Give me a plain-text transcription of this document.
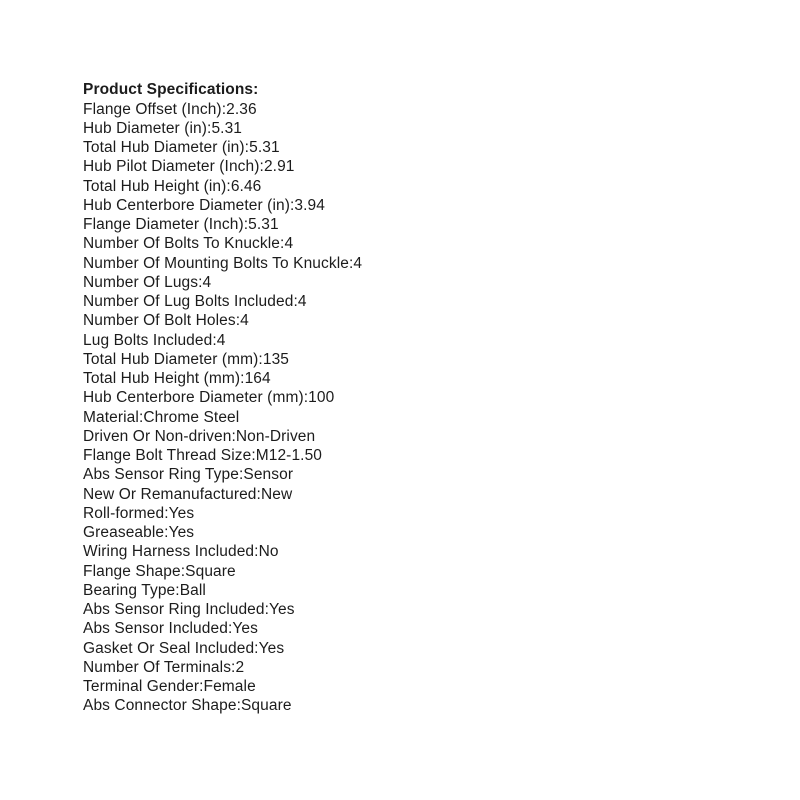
Product Specifications:
Flange Offset (Inch):2.36
Hub Diameter (in):5.31
Total Hub Diameter (in):5.31
Hub Pilot Diameter (Inch):2.91
Total Hub Height (in):6.46
Hub Centerbore Diameter (in):3.94
Flange Diameter (Inch):5.31
Number Of Bolts To Knuckle:4
Number Of Mounting Bolts To Knuckle:4
Number Of Lugs:4
Number Of Lug Bolts Included:4
Number Of Bolt Holes:4
Lug Bolts Included:4
Total Hub Diameter (mm):135
Total Hub Height (mm):164
Hub Centerbore Diameter (mm):100
Material:Chrome Steel
Driven Or Non-driven:Non-Driven
Flange Bolt Thread Size:M12-1.50
Abs Sensor Ring Type:Sensor
New Or Remanufactured:New
Roll-formed:Yes
Greaseable:Yes
Wiring Harness Included:No
Flange Shape:Square
Bearing Type:Ball
Abs Sensor Ring Included:Yes
Abs Sensor Included:Yes
Gasket Or Seal Included:Yes
Number Of Terminals:2
Terminal Gender:Female
Abs Connector Shape:Square
